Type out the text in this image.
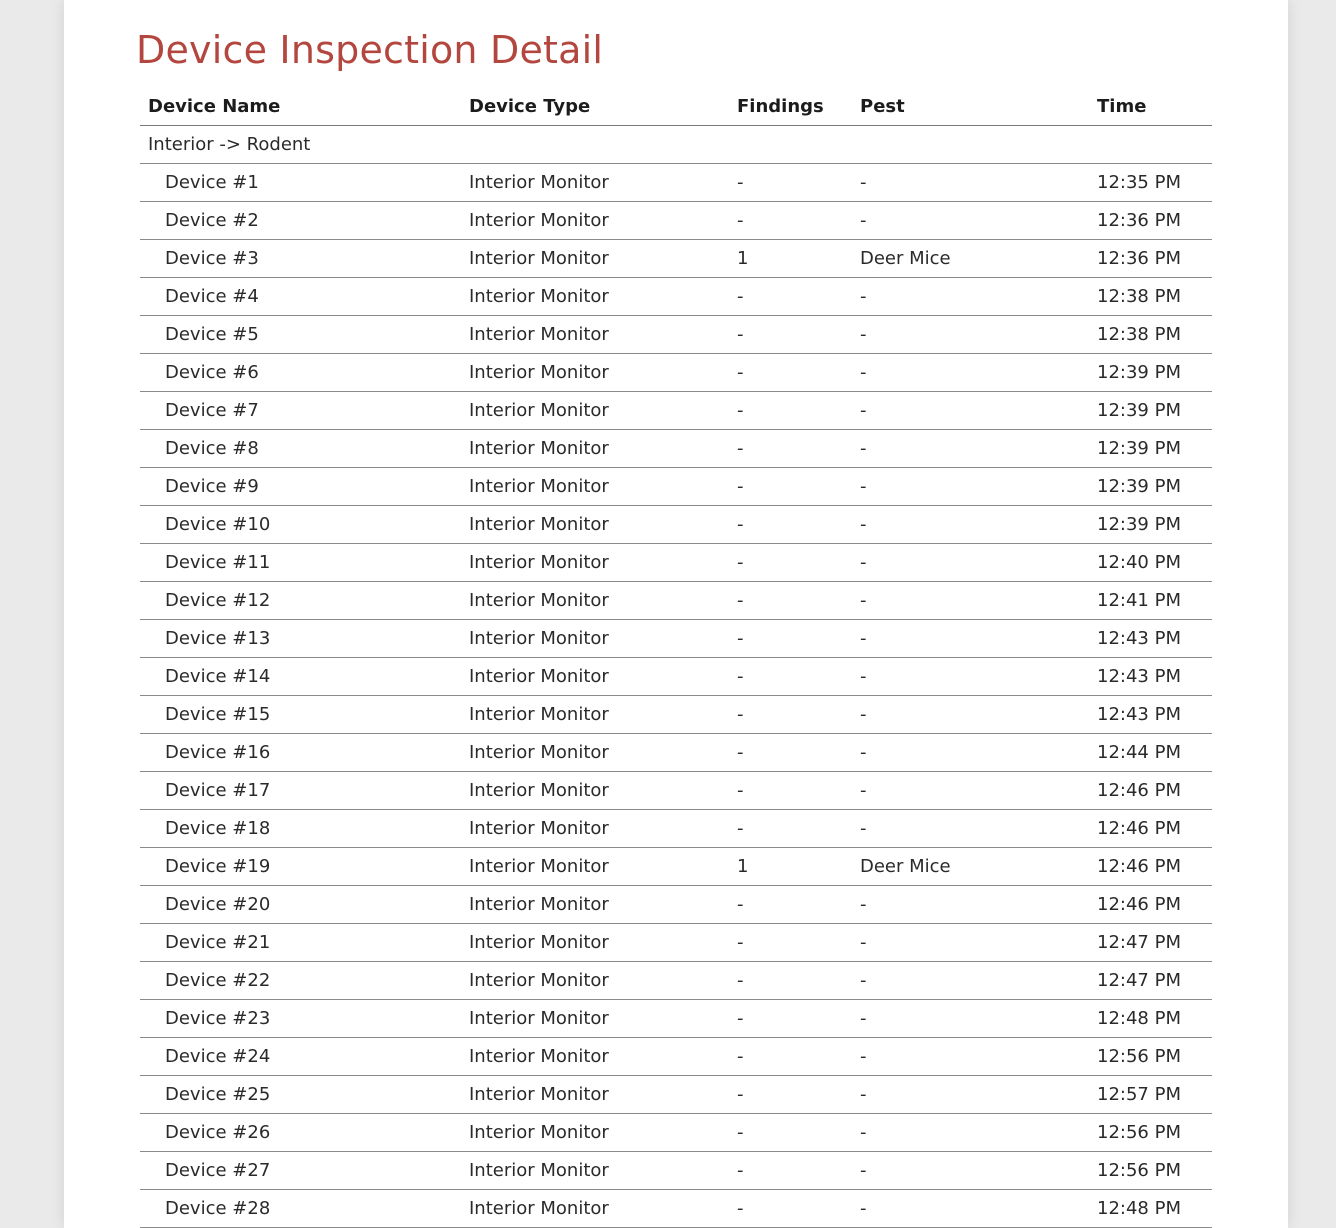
Device Inspection Detail
Device Name	Device Type	Findings	Pest	Time
Interior -> Rodent				
Device #1	Interior Monitor	-	-	12:35 PM
Device #2	Interior Monitor	-	-	12:36 PM
Device #3	Interior Monitor	1	Deer Mice	12:36 PM
Device #4	Interior Monitor	-	-	12:38 PM
Device #5	Interior Monitor	-	-	12:38 PM
Device #6	Interior Monitor	-	-	12:39 PM
Device #7	Interior Monitor	-	-	12:39 PM
Device #8	Interior Monitor	-	-	12:39 PM
Device #9	Interior Monitor	-	-	12:39 PM
Device #10	Interior Monitor	-	-	12:39 PM
Device #11	Interior Monitor	-	-	12:40 PM
Device #12	Interior Monitor	-	-	12:41 PM
Device #13	Interior Monitor	-	-	12:43 PM
Device #14	Interior Monitor	-	-	12:43 PM
Device #15	Interior Monitor	-	-	12:43 PM
Device #16	Interior Monitor	-	-	12:44 PM
Device #17	Interior Monitor	-	-	12:46 PM
Device #18	Interior Monitor	-	-	12:46 PM
Device #19	Interior Monitor	1	Deer Mice	12:46 PM
Device #20	Interior Monitor	-	-	12:46 PM
Device #21	Interior Monitor	-	-	12:47 PM
Device #22	Interior Monitor	-	-	12:47 PM
Device #23	Interior Monitor	-	-	12:48 PM
Device #24	Interior Monitor	-	-	12:56 PM
Device #25	Interior Monitor	-	-	12:57 PM
Device #26	Interior Monitor	-	-	12:56 PM
Device #27	Interior Monitor	-	-	12:56 PM
Device #28	Interior Monitor	-	-	12:48 PM
